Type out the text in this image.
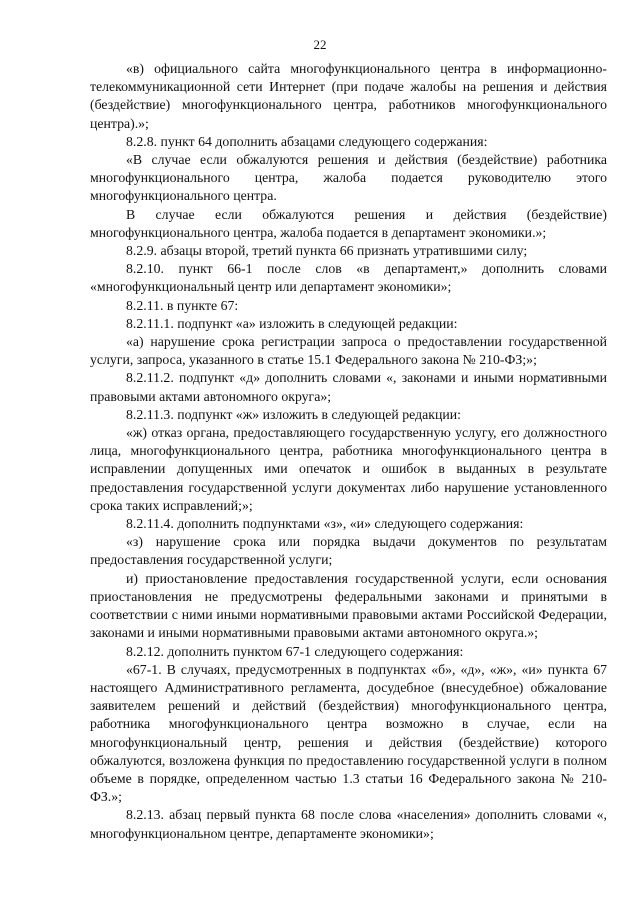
22

«в) официального сайта многофункционального центра в информационно-телекоммуникационной сети Интернет (при подаче жалобы на решения и действия (бездействие) многофункционального центра, работников многофункционального центра).»;

8.2.8. пункт 64 дополнить абзацами следующего содержания:

«В случае если обжалуются решения и действия (бездействие) работника многофункционального центра, жалоба подается руководителю этого многофункционального центра.

В случае если обжалуются решения и действия (бездействие) многофункционального центра, жалоба подается в департамент экономики.»;

8.2.9. абзацы второй, третий пункта 66 признать утратившими силу;

8.2.10. пункт 66-1 после слов «в департамент,» дополнить словами «многофункциональный центр или департамент экономики»;

8.2.11. в пункте 67:

8.2.11.1. подпункт «а» изложить в следующей редакции:

«а) нарушение срока регистрации запроса о предоставлении государственной услуги, запроса, указанного в статье 15.1 Федерального закона № 210-ФЗ;»;

8.2.11.2. подпункт «д» дополнить словами «, законами и иными нормативными правовыми актами автономного округа»;

8.2.11.3. подпункт «ж» изложить в следующей редакции:

«ж) отказ органа, предоставляющего государственную услугу, его должностного лица, многофункционального центра, работника многофункционального центра в исправлении допущенных ими опечаток и ошибок в выданных в результате предоставления государственной услуги документах либо нарушение установленного срока таких исправлений;»;

8.2.11.4. дополнить подпунктами «з», «и» следующего содержания:

«з) нарушение срока или порядка выдачи документов по результатам предоставления государственной услуги;

и) приостановление предоставления государственной услуги, если основания приостановления не предусмотрены федеральными законами и принятыми в соответствии с ними иными нормативными правовыми актами Российской Федерации, законами и иными нормативными правовыми актами автономного округа.»;

8.2.12. дополнить пунктом 67-1 следующего содержания:

«67-1. В случаях, предусмотренных в подпунктах «б», «д», «ж», «и» пункта 67 настоящего Административного регламента, досудебное (внесудебное) обжалование заявителем решений и действий (бездействия) многофункционального центра, работника многофункционального центра возможно в случае, если на многофункциональный центр, решения и действия (бездействие) которого обжалуются, возложена функция по предоставлению государственной услуги в полном объеме в порядке, определенном частью 1.3 статьи 16 Федерального закона № 210-ФЗ.»;

8.2.13. абзац первый пункта 68 после слова «населения» дополнить словами «, многофункциональном центре, департаменте экономики»;
